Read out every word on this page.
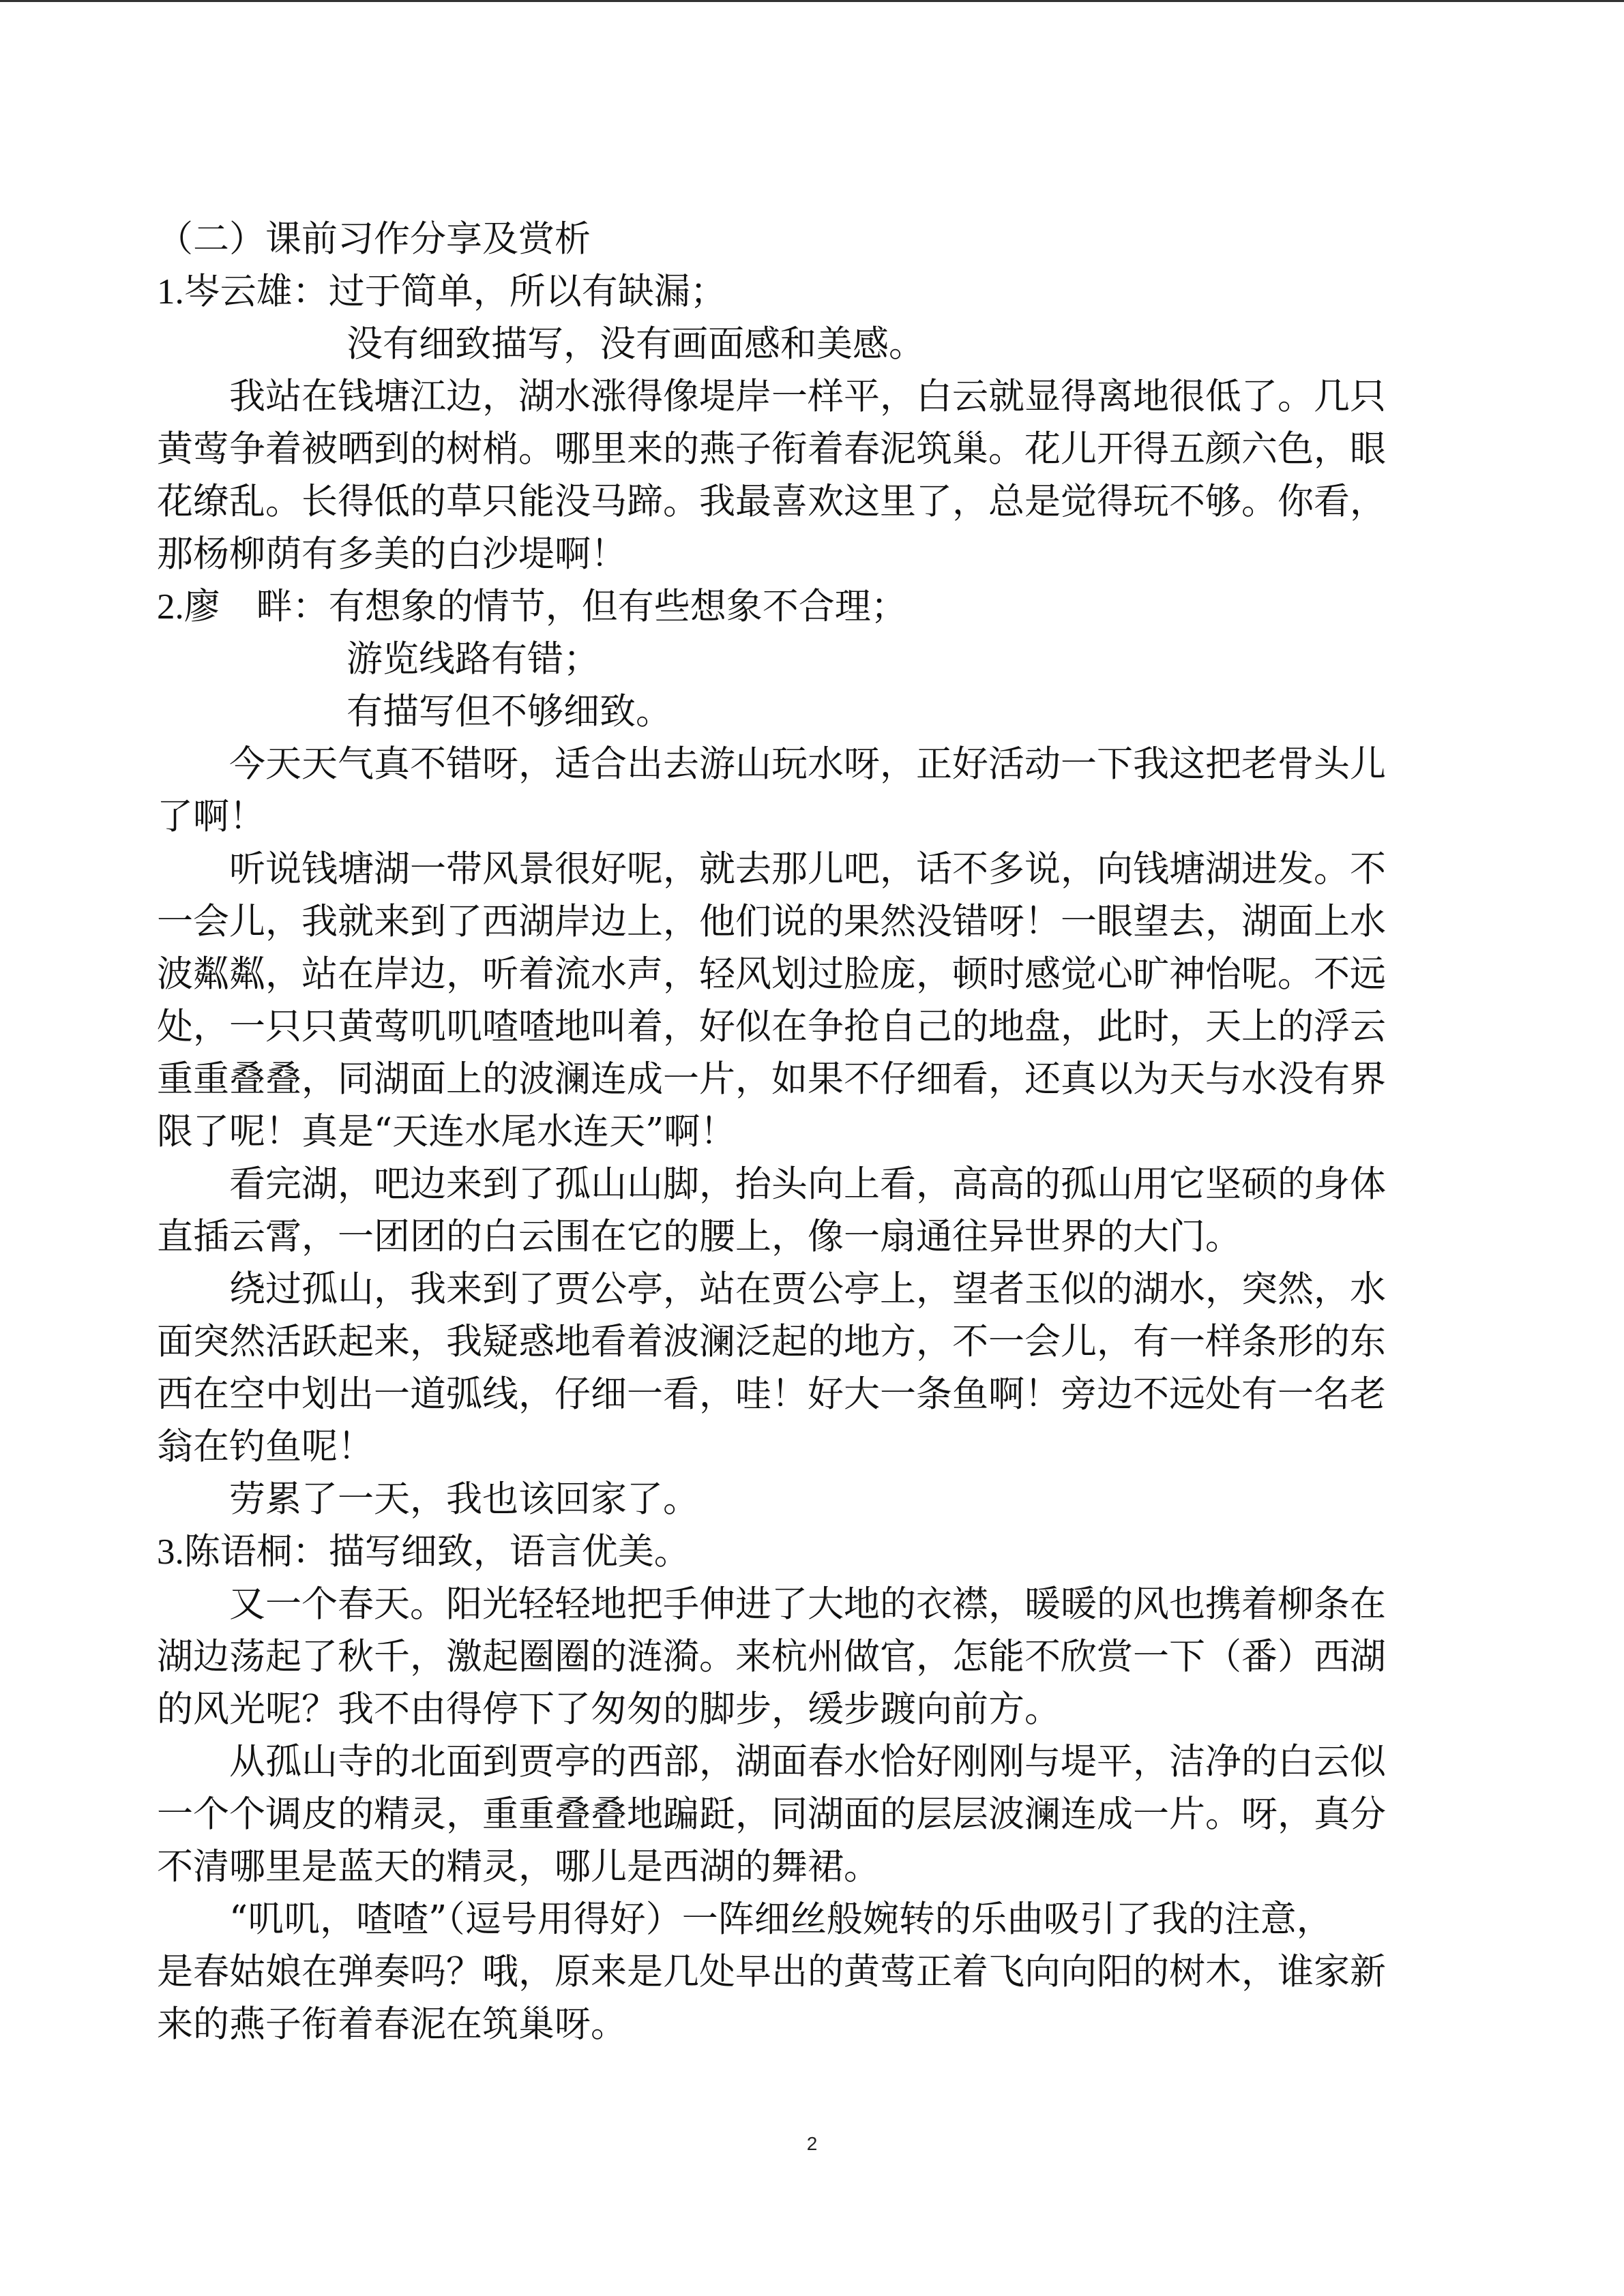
（二）课前习作分享及赏析
1.岑云雄：过于简单，所以有缺漏；
没有细致描写，没有画面感和美感。
我站在钱塘江边，湖水涨得像堤岸一样平，白云就显得离地很低了。几只
黄莺争着被晒到的树梢。哪里来的燕子衔着春泥筑巢。花儿开得五颜六色，眼
花缭乱。长得低的草只能没马蹄。我最喜欢这里了，总是觉得玩不够。你看，
那杨柳荫有多美的白沙堤啊！
2.廖　畔：有想象的情节，但有些想象不合理；
游览线路有错；
有描写但不够细致。
今天天气真不错呀，适合出去游山玩水呀，正好活动一下我这把老骨头儿
了啊！
听说钱塘湖一带风景很好呢，就去那儿吧，话不多说，向钱塘湖进发。不
一会儿，我就来到了西湖岸边上，他们说的果然没错呀！一眼望去，湖面上水
波粼粼，站在岸边，听着流水声，轻风划过脸庞，顿时感觉心旷神怡呢。不远
处，一只只黄莺叽叽喳喳地叫着，好似在争抢自己的地盘，此时，天上的浮云
重重叠叠，同湖面上的波澜连成一片，如果不仔细看，还真以为天与水没有界
限了呢！真是“天连水尾水连天”啊！
看完湖，吧边来到了孤山山脚，抬头向上看，高高的孤山用它坚硕的身体
直插云霄，一团团的白云围在它的腰上，像一扇通往异世界的大门。
绕过孤山，我来到了贾公亭，站在贾公亭上，望者玉似的湖水，突然，水
面突然活跃起来，我疑惑地看着波澜泛起的地方，不一会儿，有一样条形的东
西在空中划出一道弧线，仔细一看，哇！好大一条鱼啊！旁边不远处有一名老
翁在钓鱼呢！
劳累了一天，我也该回家了。
3.陈语桐：描写细致，语言优美。
又一个春天。阳光轻轻地把手伸进了大地的衣襟，暖暖的风也携着柳条在
湖边荡起了秋千，激起圈圈的涟漪。来杭州做官，怎能不欣赏一下（番）西湖
的风光呢？我不由得停下了匆匆的脚步，缓步踱向前方。
从孤山寺的北面到贾亭的西部，湖面春水恰好刚刚与堤平，洁净的白云似
一个个调皮的精灵，重重叠叠地蹁跹，同湖面的层层波澜连成一片。呀，真分
不清哪里是蓝天的精灵，哪儿是西湖的舞裙。
“叽叽，喳喳”（逗号用得好）一阵细丝般婉转的乐曲吸引了我的注意，
是春姑娘在弹奏吗？哦，原来是几处早出的黄莺正着飞向向阳的树木，谁家新
来的燕子衔着春泥在筑巢呀。
2
